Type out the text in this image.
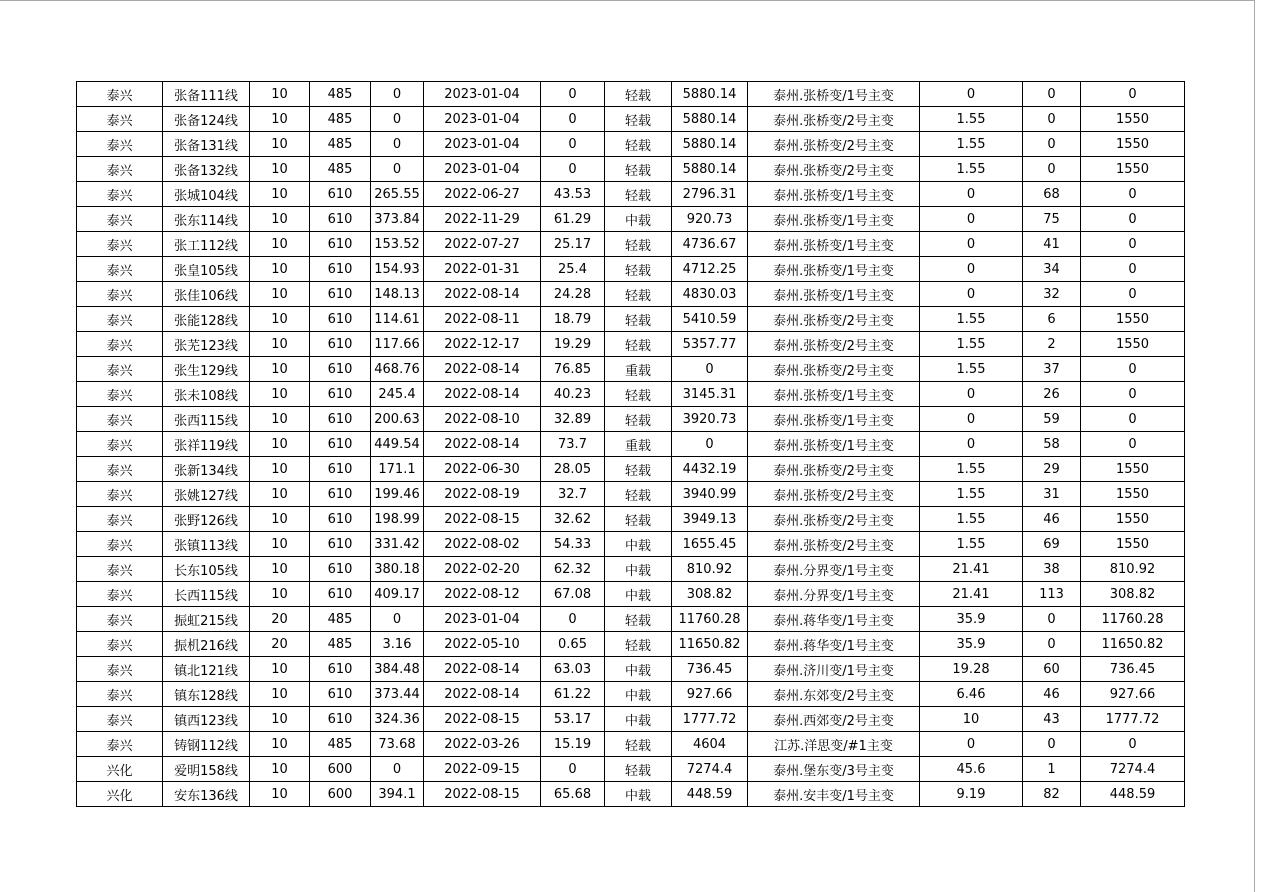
泰兴	张备111线	10	485	0	2023-01-04	0	轻载	5880.14	泰州.张桥变/1号主变	0	0	0
泰兴	张备124线	10	485	0	2023-01-04	0	轻载	5880.14	泰州.张桥变/2号主变	1.55	0	1550
泰兴	张备131线	10	485	0	2023-01-04	0	轻载	5880.14	泰州.张桥变/2号主变	1.55	0	1550
泰兴	张备132线	10	485	0	2023-01-04	0	轻载	5880.14	泰州.张桥变/2号主变	1.55	0	1550
泰兴	张城104线	10	610	265.55	2022-06-27	43.53	轻载	2796.31	泰州.张桥变/1号主变	0	68	0
泰兴	张东114线	10	610	373.84	2022-11-29	61.29	中载	920.73	泰州.张桥变/1号主变	0	75	0
泰兴	张工112线	10	610	153.52	2022-07-27	25.17	轻载	4736.67	泰州.张桥变/1号主变	0	41	0
泰兴	张皇105线	10	610	154.93	2022-01-31	25.4	轻载	4712.25	泰州.张桥变/1号主变	0	34	0
泰兴	张佳106线	10	610	148.13	2022-08-14	24.28	轻载	4830.03	泰州.张桥变/1号主变	0	32	0
泰兴	张能128线	10	610	114.61	2022-08-11	18.79	轻载	5410.59	泰州.张桥变/2号主变	1.55	6	1550
泰兴	张芜123线	10	610	117.66	2022-12-17	19.29	轻载	5357.77	泰州.张桥变/2号主变	1.55	2	1550
泰兴	张生129线	10	610	468.76	2022-08-14	76.85	重载	0	泰州.张桥变/2号主变	1.55	37	0
泰兴	张未108线	10	610	245.4	2022-08-14	40.23	轻载	3145.31	泰州.张桥变/1号主变	0	26	0
泰兴	张西115线	10	610	200.63	2022-08-10	32.89	轻载	3920.73	泰州.张桥变/1号主变	0	59	0
泰兴	张祥119线	10	610	449.54	2022-08-14	73.7	重载	0	泰州.张桥变/1号主变	0	58	0
泰兴	张新134线	10	610	171.1	2022-06-30	28.05	轻载	4432.19	泰州.张桥变/2号主变	1.55	29	1550
泰兴	张姚127线	10	610	199.46	2022-08-19	32.7	轻载	3940.99	泰州.张桥变/2号主变	1.55	31	1550
泰兴	张野126线	10	610	198.99	2022-08-15	32.62	轻载	3949.13	泰州.张桥变/2号主变	1.55	46	1550
泰兴	张镇113线	10	610	331.42	2022-08-02	54.33	中载	1655.45	泰州.张桥变/2号主变	1.55	69	1550
泰兴	长东105线	10	610	380.18	2022-02-20	62.32	中载	810.92	泰州.分界变/1号主变	21.41	38	810.92
泰兴	长西115线	10	610	409.17	2022-08-12	67.08	中载	308.82	泰州.分界变/1号主变	21.41	113	308.82
泰兴	振虹215线	20	485	0	2023-01-04	0	轻载	11760.28	泰州.蒋华变/1号主变	35.9	0	11760.28
泰兴	振机216线	20	485	3.16	2022-05-10	0.65	轻载	11650.82	泰州.蒋华变/1号主变	35.9	0	11650.82
泰兴	镇北121线	10	610	384.48	2022-08-14	63.03	中载	736.45	泰州.济川变/1号主变	19.28	60	736.45
泰兴	镇东128线	10	610	373.44	2022-08-14	61.22	中载	927.66	泰州.东郊变/2号主变	6.46	46	927.66
泰兴	镇西123线	10	610	324.36	2022-08-15	53.17	中载	1777.72	泰州.西郊变/2号主变	10	43	1777.72
泰兴	铸钢112线	10	485	73.68	2022-03-26	15.19	轻载	4604	江苏.洋思变/#1主变	0	0	0
兴化	爱明158线	10	600	0	2022-09-15	0	轻载	7274.4	泰州.堡东变/3号主变	45.6	1	7274.4
兴化	安东136线	10	600	394.1	2022-08-15	65.68	中载	448.59	泰州.安丰变/1号主变	9.19	82	448.59
